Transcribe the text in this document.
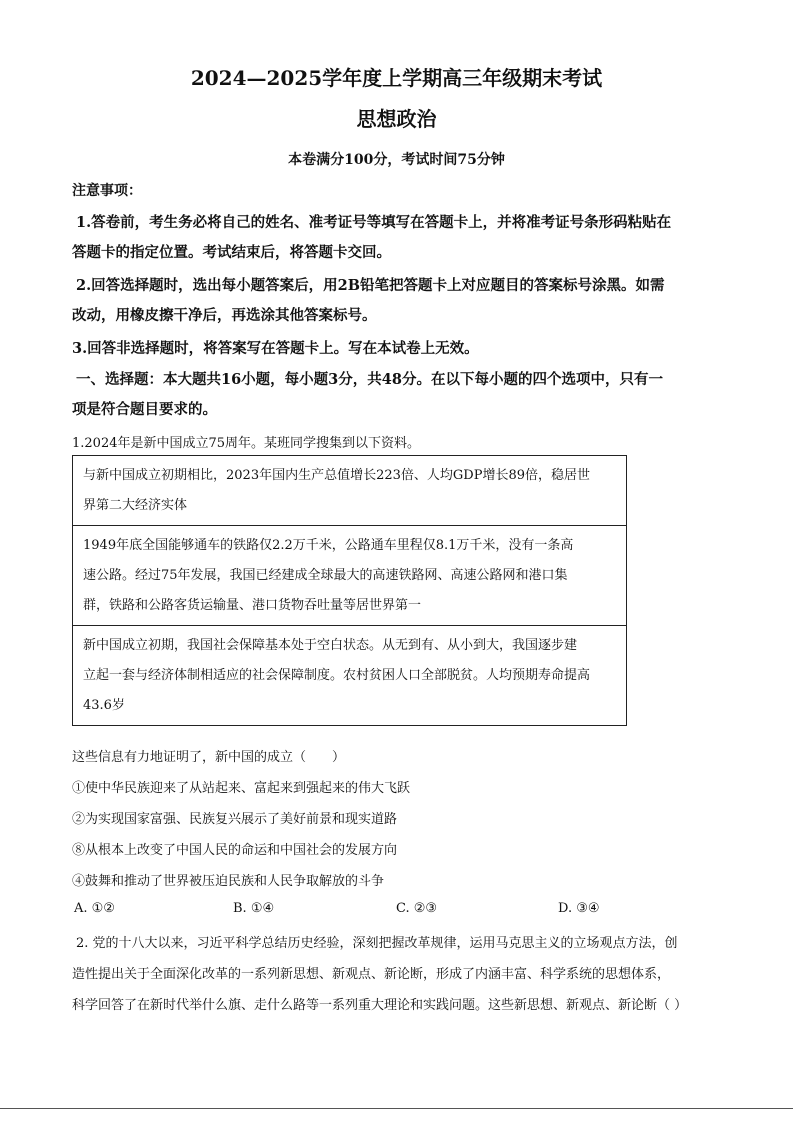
2024—2025学年度上学期高三年级期末考试
思想政治
本卷满分100分，考试时间75分钟
注意事项：
1.答卷前，考生务必将自己的姓名、准考证号等填写在答题卡上，并将准考证号条形码粘贴在
答题卡的指定位置。考试结束后，将答题卡交回。
2.回答选择题时，选出每小题答案后，用2B铅笔把答题卡上对应题目的答案标号涂黑。如需
改动，用橡皮擦干净后，再选涂其他答案标号。
3.回答非选择题时，将答案写在答题卡上。写在本试卷上无效。
一、选择题：本大题共16小题，每小题3分，共48分。在以下每小题的四个选项中，只有一
项是符合题目要求的。
1.2024年是新中国成立75周年。某班同学搜集到以下资料。
与新中国成立初期相比，2023年国内生产总值增长223倍、人均GDP增长89倍，稳居世
界第二大经济实体
1949年底全国能够通车的铁路仅2.2万千米，公路通车里程仅8.1万千米，没有一条高
速公路。经过75年发展，我国已经建成全球最大的高速铁路网、高速公路网和港口集
群，铁路和公路客货运输量、港口货物吞吐量等居世界第一
新中国成立初期，我国社会保障基本处于空白状态。从无到有、从小到大，我国逐步建
立起一套与经济体制相适应的社会保障制度。农村贫困人口全部脱贫。人均预期寿命提高
43.6岁
这些信息有力地证明了，新中国的成立（　　）
①使中华民族迎来了从站起来、富起来到强起来的伟大飞跃
②为实现国家富强、民族复兴展示了美好前景和现实道路
⑧从根本上改变了中国人民的命运和中国社会的发展方向
④鼓舞和推动了世界被压迫民族和人民争取解放的斗争
A. ①②	B. ①④	C. ②③	D. ③④
2. 党的十八大以来，习近平科学总结历史经验，深刻把握改革规律，运用马克思主义的立场观点方法，创
造性提出关于全面深化改革的一系列新思想、新观点、新论断，形成了内涵丰富、科学系统的思想体系，
科学回答了在新时代举什么旗、走什么路等一系列重大理论和实践问题。这些新思想、新观点、新论断（ ）
